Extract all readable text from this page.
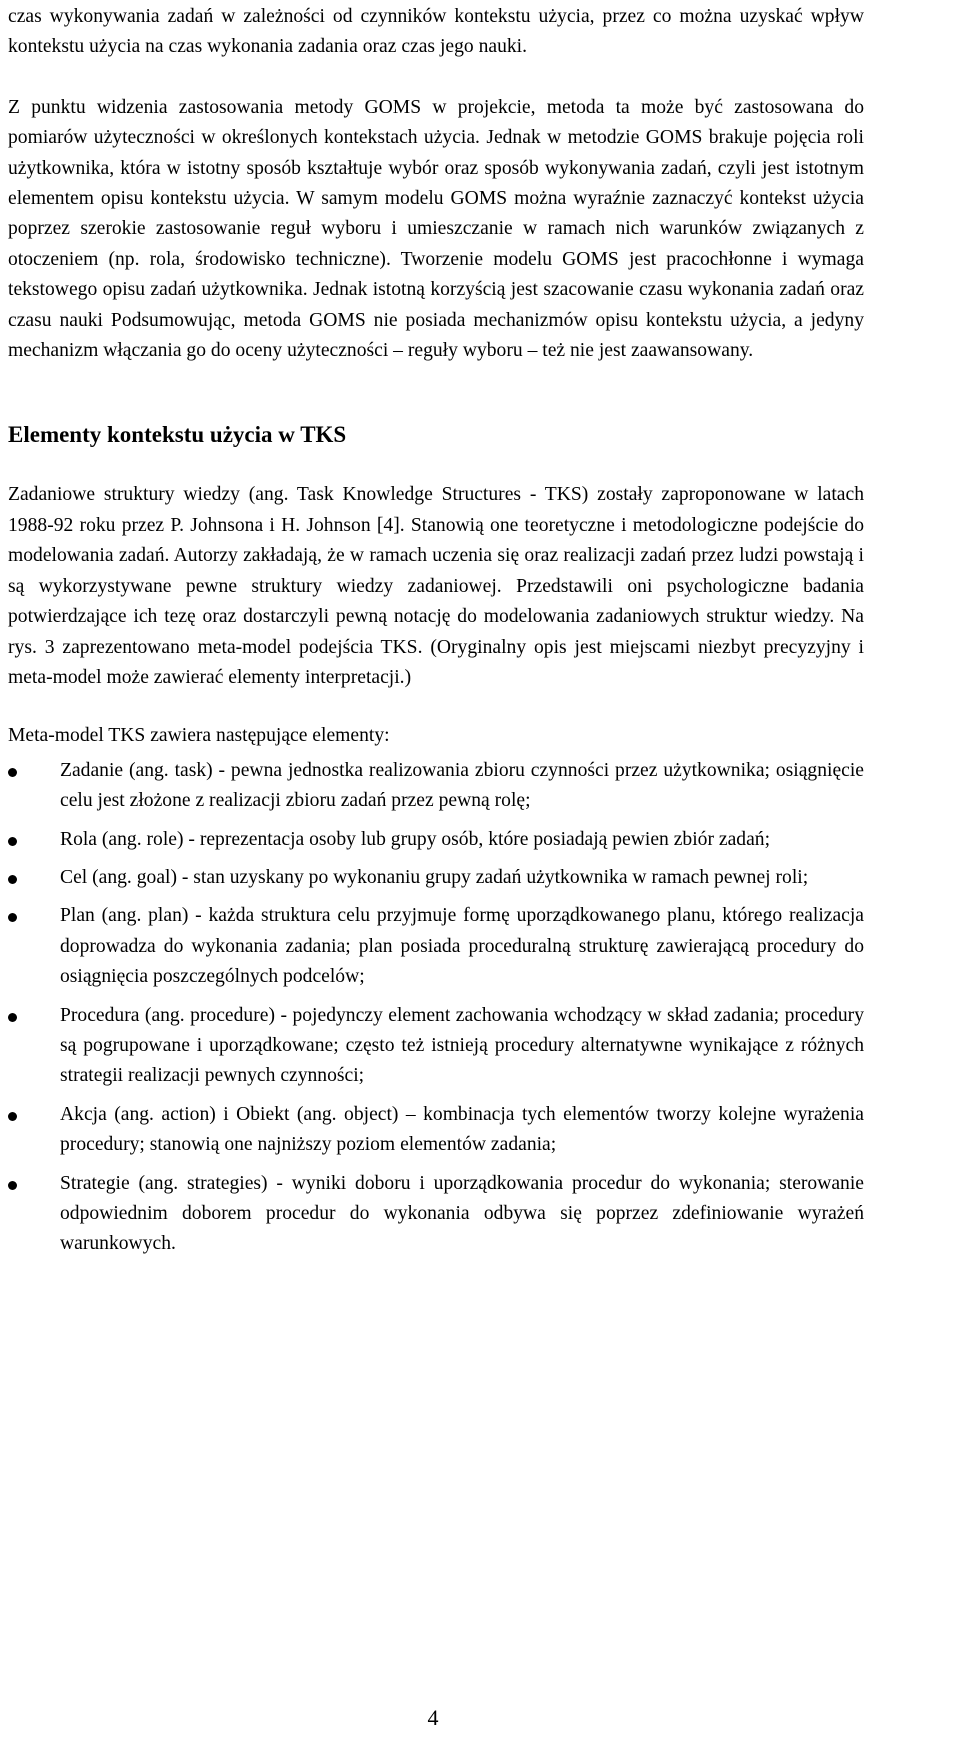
czas wykonywania zadań w zależności od czynników kontekstu użycia, przez co można uzyskać wpływ kontekstu użycia na czas wykonania zadania oraz czas jego nauki.

Z punktu widzenia zastosowania metody GOMS w projekcie, metoda ta może być zastosowana do pomiarów użyteczności w określonych kontekstach użycia. Jednak w metodzie GOMS brakuje pojęcia roli użytkownika, która w istotny sposób kształtuje wybór oraz sposób wykonywania zadań, czyli jest istotnym elementem opisu kontekstu użycia. W samym modelu GOMS można wyraźnie zaznaczyć kontekst użycia poprzez szerokie zastosowanie reguł wyboru i umieszczanie w ramach nich warunków związanych z otoczeniem (np. rola, środowisko techniczne). Tworzenie modelu GOMS jest pracochłonne i wymaga tekstowego opisu zadań użytkownika. Jednak istotną korzyścią jest szacowanie czasu wykonania zadań oraz czasu nauki Podsumowując, metoda GOMS nie posiada mechanizmów opisu kontekstu użycia, a jedyny mechanizm włączania go do oceny użyteczności – reguły wyboru – też nie jest zaawansowany.

Elementy kontekstu użycia w TKS

Zadaniowe struktury wiedzy (ang. Task Knowledge Structures - TKS) zostały zaproponowane w latach 1988-92 roku przez P. Johnsona i H. Johnson [4]. Stanowią one teoretyczne i metodologiczne podejście do modelowania zadań. Autorzy zakładają, że w ramach uczenia się oraz realizacji zadań przez ludzi powstają i są wykorzystywane pewne struktury wiedzy zadaniowej. Przedstawili oni psychologiczne badania potwierdzające ich tezę oraz dostarczyli pewną notację do modelowania zadaniowych struktur wiedzy. Na rys. 3 zaprezentowano meta-model podejścia TKS. (Oryginalny opis jest miejscami niezbyt precyzyjny i meta-model może zawierać elementy interpretacji.)

Meta-model TKS zawiera następujące elementy:

Zadanie (ang. task) - pewna jednostka realizowania zbioru czynności przez użytkownika; osiągnięcie celu jest złożone z realizacji zbioru zadań przez pewną rolę;
Rola (ang. role) - reprezentacja osoby lub grupy osób, które posiadają pewien zbiór zadań;
Cel (ang. goal) - stan uzyskany po wykonaniu grupy zadań użytkownika w ramach pewnej roli;
Plan (ang. plan) - każda struktura celu przyjmuje formę uporządkowanego planu, którego realizacja doprowadza do wykonania zadania; plan posiada proceduralną strukturę zawierającą procedury do osiągnięcia poszczególnych podcelów;
Procedura (ang. procedure) - pojedynczy element zachowania wchodzący w skład zadania; procedury są pogrupowane i uporządkowane; często też istnieją procedury alternatywne wynikające z różnych strategii realizacji pewnych czynności;
Akcja (ang. action) i Obiekt (ang. object) – kombinacja tych elementów tworzy kolejne wyrażenia procedury; stanowią one najniższy poziom elementów zadania;
Strategie (ang. strategies) - wyniki doboru i uporządkowania procedur do wykonania; sterowanie odpowiednim doborem procedur do wykonania odbywa się poprzez zdefiniowanie wyrażeń warunkowych.
4
